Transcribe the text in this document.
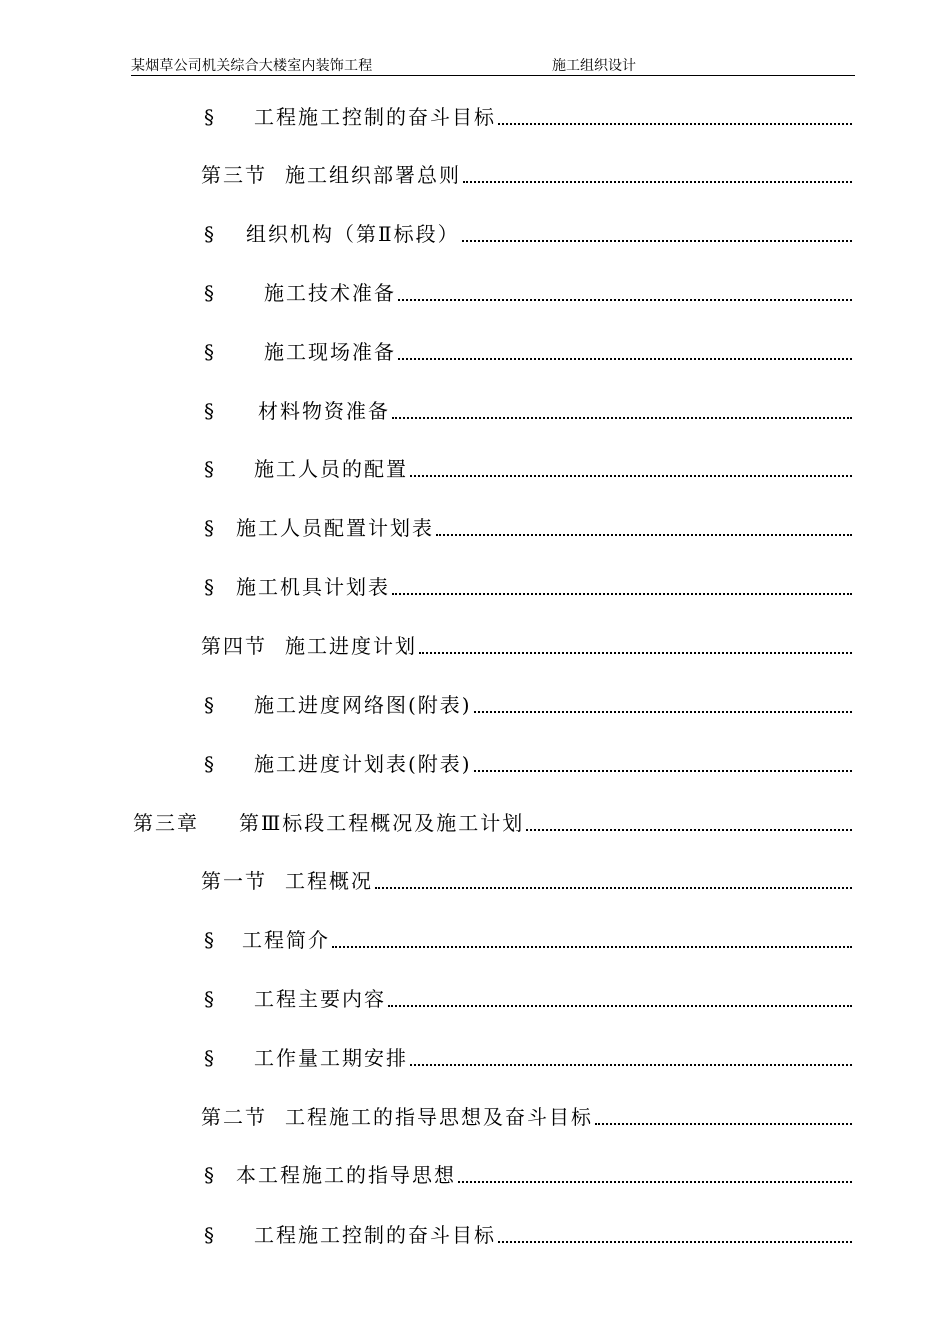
某烟草公司机关综合大楼室内装饰工程	施工组织设计
§ 工程施工控制的奋斗目标
第三节 施工组织部署总则
§ 组织机构（第Ⅱ标段）
§ 施工技术准备
§ 施工现场准备
§ 材料物资准备
§ 施工人员的配置
§ 施工人员配置计划表
§ 施工机具计划表
第四节 施工进度计划
§ 施工进度网络图(附表)
§ 施工进度计划表(附表)
第三章 第Ⅲ标段工程概况及施工计划
第一节 工程概况
§ 工程简介
§ 工程主要内容
§ 工作量工期安排
第二节 工程施工的指导思想及奋斗目标
§ 本工程施工的指导思想
§ 工程施工控制的奋斗目标
